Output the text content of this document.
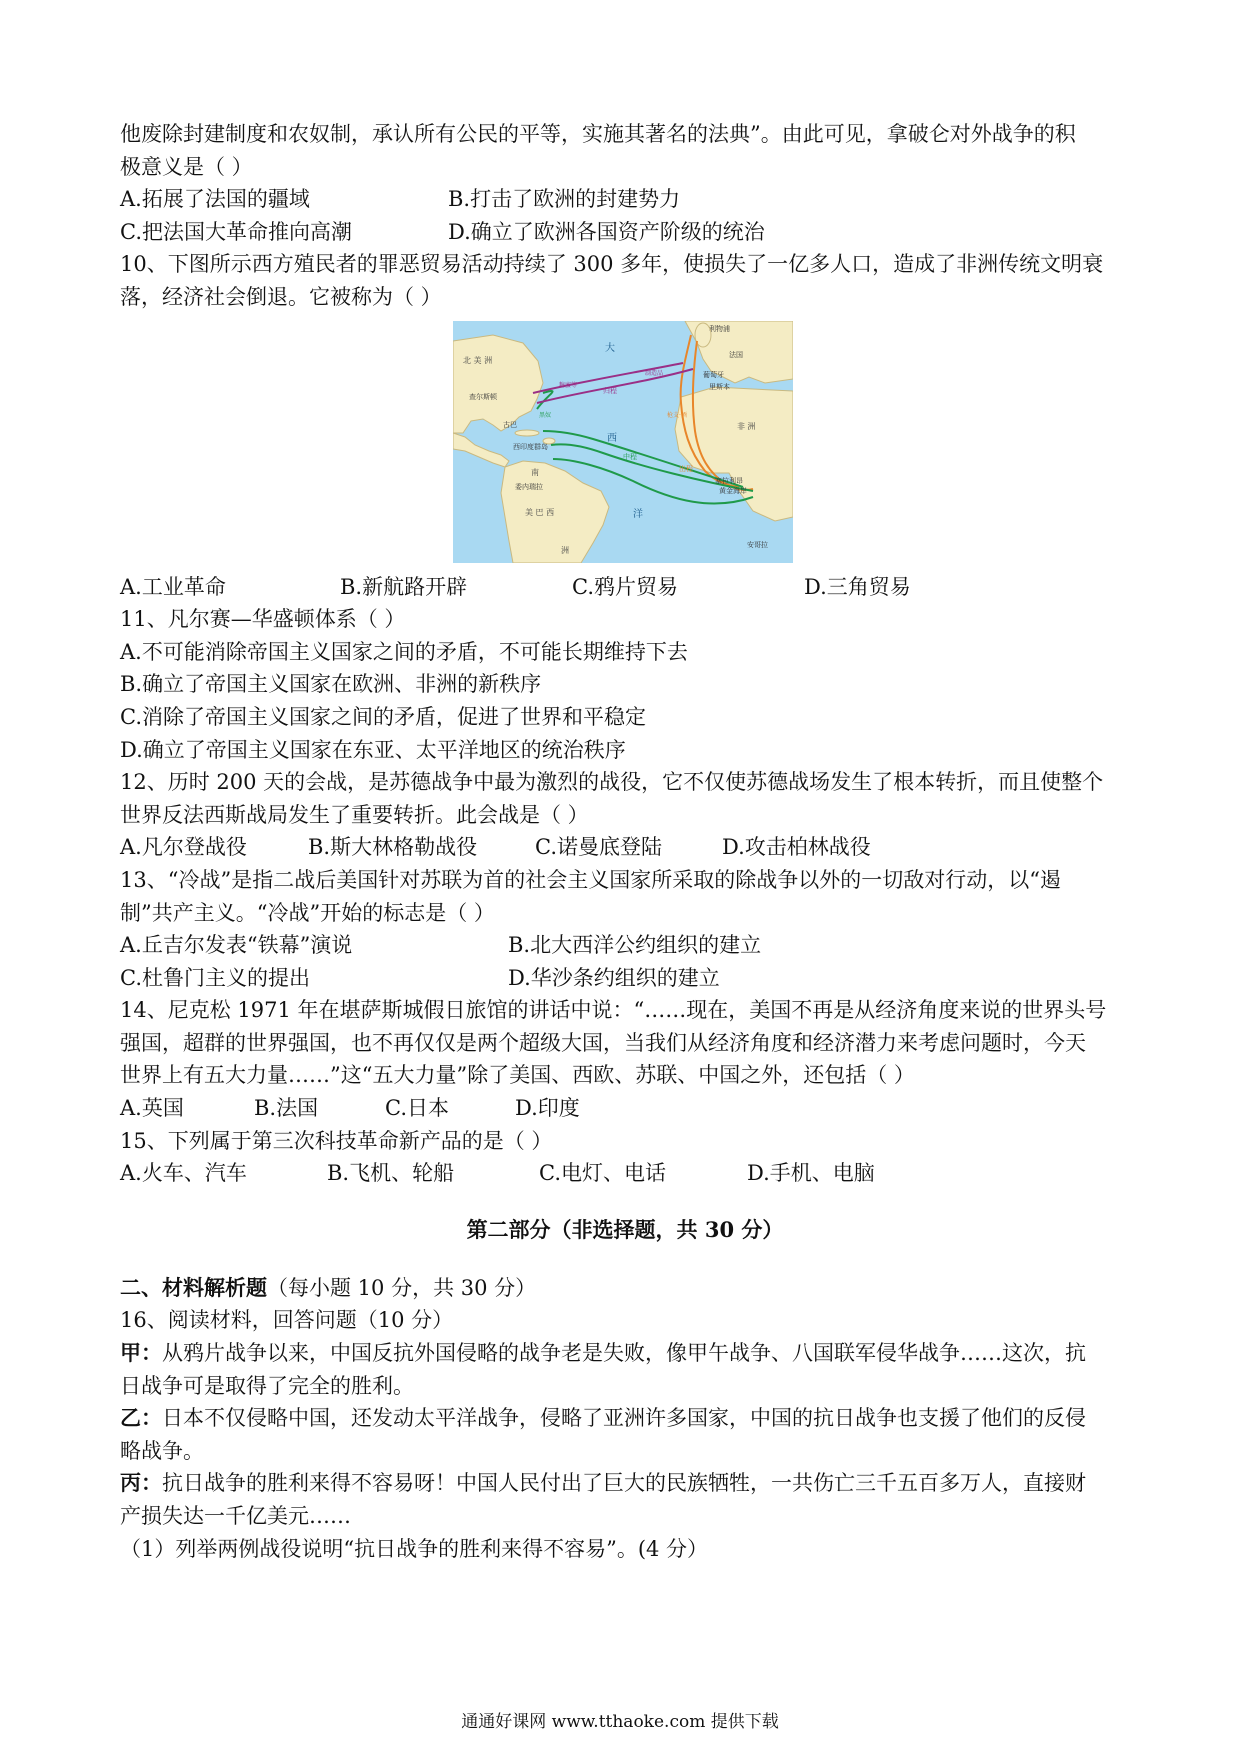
他废除封建制度和农奴制，承认所有公民的平等，实施其著名的法典”。由此可见，拿破仑对外战争的积
极意义是（ ）
A.拓展了法国的疆域	B.打击了欧洲的封建势力
C.把法国大革命推向高潮	D.确立了欧洲各国资产阶级的统治
10、下图所示西方殖民者的罪恶贸易活动持续了 300 多年，使损失了一亿多人口，造成了非洲传统文明衰
落，经济社会倒退。它被称为（ ）
北 美 洲
查尔斯顿
古巴
西印度群岛
南
委内瑞拉
美 巴 西
洲
大
西
洋
利物浦
法国
葡萄牙
里斯本
非 洲
塞拉利昂
黄金海岸
安哥拉
归程
中程
出程
糖蜜等
制造品
枪支·酒
黑奴
A.工业革命	B.新航路开辟	C.鸦片贸易	D.三角贸易
11、凡尔赛—华盛顿体系（ ）
A.不可能消除帝国主义国家之间的矛盾，不可能长期维持下去
B.确立了帝国主义国家在欧洲、非洲的新秩序
C.消除了帝国主义国家之间的矛盾，促进了世界和平稳定
D.确立了帝国主义国家在东亚、太平洋地区的统治秩序
12、历时 200 天的会战，是苏德战争中最为激烈的战役，它不仅使苏德战场发生了根本转折，而且使整个
世界反法西斯战局发生了重要转折。此会战是（ ）
A.凡尔登战役	B.斯大林格勒战役	C.诺曼底登陆	D.攻击柏林战役
13、“冷战”是指二战后美国针对苏联为首的社会主义国家所采取的除战争以外的一切敌对行动，以“遏
制”共产主义。“冷战”开始的标志是（ ）
A.丘吉尔发表“铁幕”演说	B.北大西洋公约组织的建立
C.杜鲁门主义的提出	D.华沙条约组织的建立
14、尼克松 1971 年在堪萨斯城假日旅馆的讲话中说：“……现在，美国不再是从经济角度来说的世界头号
强国，超群的世界强国，也不再仅仅是两个超级大国，当我们从经济角度和经济潜力来考虑问题时，今天
世界上有五大力量……”这“五大力量”除了美国、西欧、苏联、中国之外，还包括（ ）
A.英国	B.法国	C.日本	D.印度
15、下列属于第三次科技革命新产品的是（ ）
A.火车、汽车	B.飞机、轮船	C.电灯、电话	D.手机、电脑
第二部分（非选择题，共 30 分）
二、材料解析题（每小题 10 分，共 30 分）
16、阅读材料，回答问题（10 分）
甲：从鸦片战争以来，中国反抗外国侵略的战争老是失败，像甲午战争、八国联军侵华战争……这次，抗
日战争可是取得了完全的胜利。
乙：日本不仅侵略中国，还发动太平洋战争，侵略了亚洲许多国家，中国的抗日战争也支援了他们的反侵
略战争。
丙：抗日战争的胜利来得不容易呀！中国人民付出了巨大的民族牺牲，一共伤亡三千五百多万人，直接财
产损失达一千亿美元……
（1）列举两例战役说明“抗日战争的胜利来得不容易”。(4 分）
通通好课网 www.tthaoke.com 提供下载
